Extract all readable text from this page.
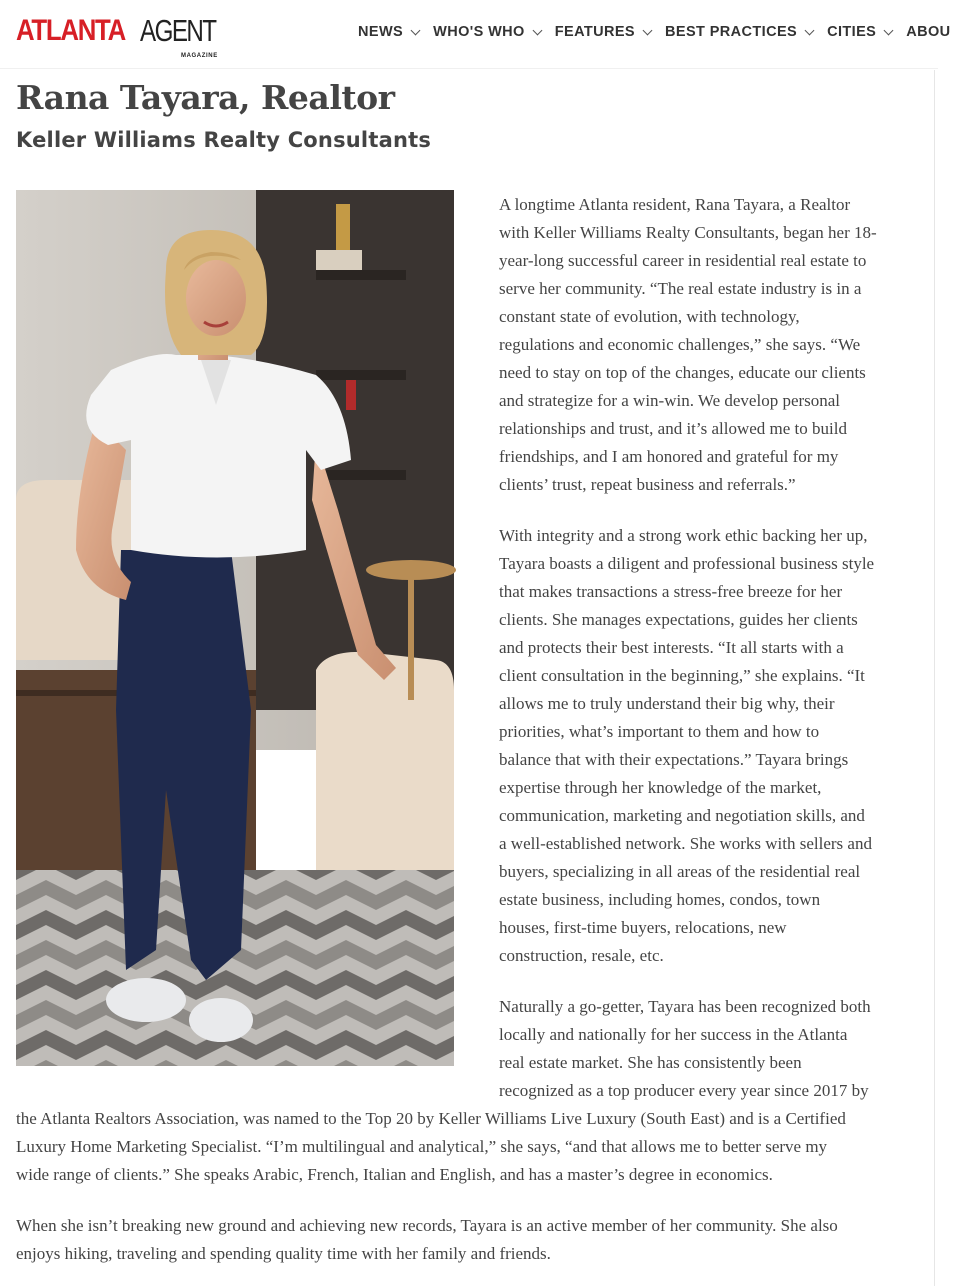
ATLANTA AGENT
MAGAZINE
NEWS WHO'S WHO FEATURES BEST PRACTICES CITIES ABOU
Rana Tayara, Realtor
Keller Williams Realty Consultants
A longtime Atlanta resident, Rana Tayara, a Realtor
with Keller Williams Realty Consultants, began her 18-
year-long successful career in residential real estate to
serve her community. “The real estate industry is in a
constant state of evolution, with technology,
regulations and economic challenges,” she says. “We
need to stay on top of the changes, educate our clients
and strategize for a win-win. We develop personal
relationships and trust, and it’s allowed me to build
friendships, and I am honored and grateful for my
clients’ trust, repeat business and referrals.”
With integrity and a strong work ethic backing her up,
Tayara boasts a diligent and professional business style
that makes transactions a stress-free breeze for her
clients. She manages expectations, guides her clients
and protects their best interests. “It all starts with a
client consultation in the beginning,” she explains. “It
allows me to truly understand their big why, their
priorities, what’s important to them and how to
balance that with their expectations.” Tayara brings
expertise through her knowledge of the market,
communication, marketing and negotiation skills, and
a well-established network. She works with sellers and
buyers, specializing in all areas of the residential real
estate business, including homes, condos, town
houses, first-time buyers, relocations, new
construction, resale, etc.
Naturally a go-getter, Tayara has been recognized both
locally and nationally for her success in the Atlanta
real estate market. She has consistently been
recognized as a top producer every year since 2017 by
the Atlanta Realtors Association, was named to the Top 20 by Keller Williams Live Luxury (South East) and is a Certified
Luxury Home Marketing Specialist. “I’m multilingual and analytical,” she says, “and that allows me to better serve my
wide range of clients.” She speaks Arabic, French, Italian and English, and has a master’s degree in economics.
When she isn’t breaking new ground and achieving new records, Tayara is an active member of her community. She also
enjoys hiking, traveling and spending quality time with her family and friends.
